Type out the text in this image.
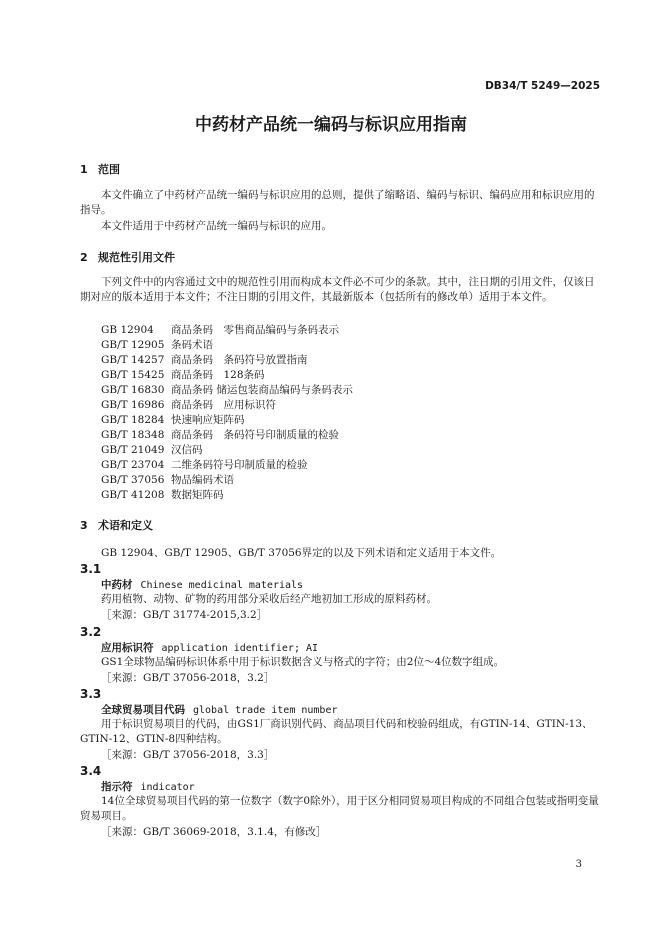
DB34/T 5249—2025
中药材产品统一编码与标识应用指南
1 范围
本文件确立了中药材产品统一编码与标识应用的总则，提供了缩略语、编码与标识、编码应用和标识应用的指导。
本文件适用于中药材产品统一编码与标识的应用。
2 规范性引用文件
下列文件中的内容通过文中的规范性引用而构成本文件必不可少的条款。其中，注日期的引用文件，仅该日期对应的版本适用于本文件；不注日期的引用文件，其最新版本（包括所有的修改单）适用于本文件。
GB 12904 商品条码　零售商品编码与条码表示
GB/T 12905 条码术语
GB/T 14257 商品条码　条码符号放置指南
GB/T 15425 商品条码　128条码
GB/T 16830 商品条码 储运包装商品编码与条码表示
GB/T 16986 商品条码　应用标识符
GB/T 18284 快速响应矩阵码
GB/T 18348 商品条码　条码符号印制质量的检验
GB/T 21049 汉信码
GB/T 23704 二维条码符号印制质量的检验
GB/T 37056 物品编码术语
GB/T 41208 数据矩阵码
3 术语和定义
GB 12904、GB/T 12905、GB/T 37056界定的以及下列术语和定义适用于本文件。
3.1
中药材 Chinese medicinal materials
药用植物、动物、矿物的药用部分采收后经产地初加工形成的原料药材。
［来源：GB/T 31774-2015,3.2］
3.2
应用标识符 application identifier; AI
GS1全球物品编码标识体系中用于标识数据含义与格式的字符；由2位～4位数字组成。
［来源：GB/T 37056-2018，3.2］
3.3
全球贸易项目代码 global trade item number
用于标识贸易项目的代码，由GS1厂商识别代码、商品项目代码和校验码组成，有GTIN-14、GTIN-13、GTIN-12、GTIN-8四种结构。
［来源：GB/T 37056-2018，3.3］
3.4
指示符 indicator
14位全球贸易项目代码的第一位数字（数字0除外），用于区分相同贸易项目构成的不同组合包装或指明变量贸易项目。
［来源：GB/T 36069-2018，3.1.4，有修改］
3
